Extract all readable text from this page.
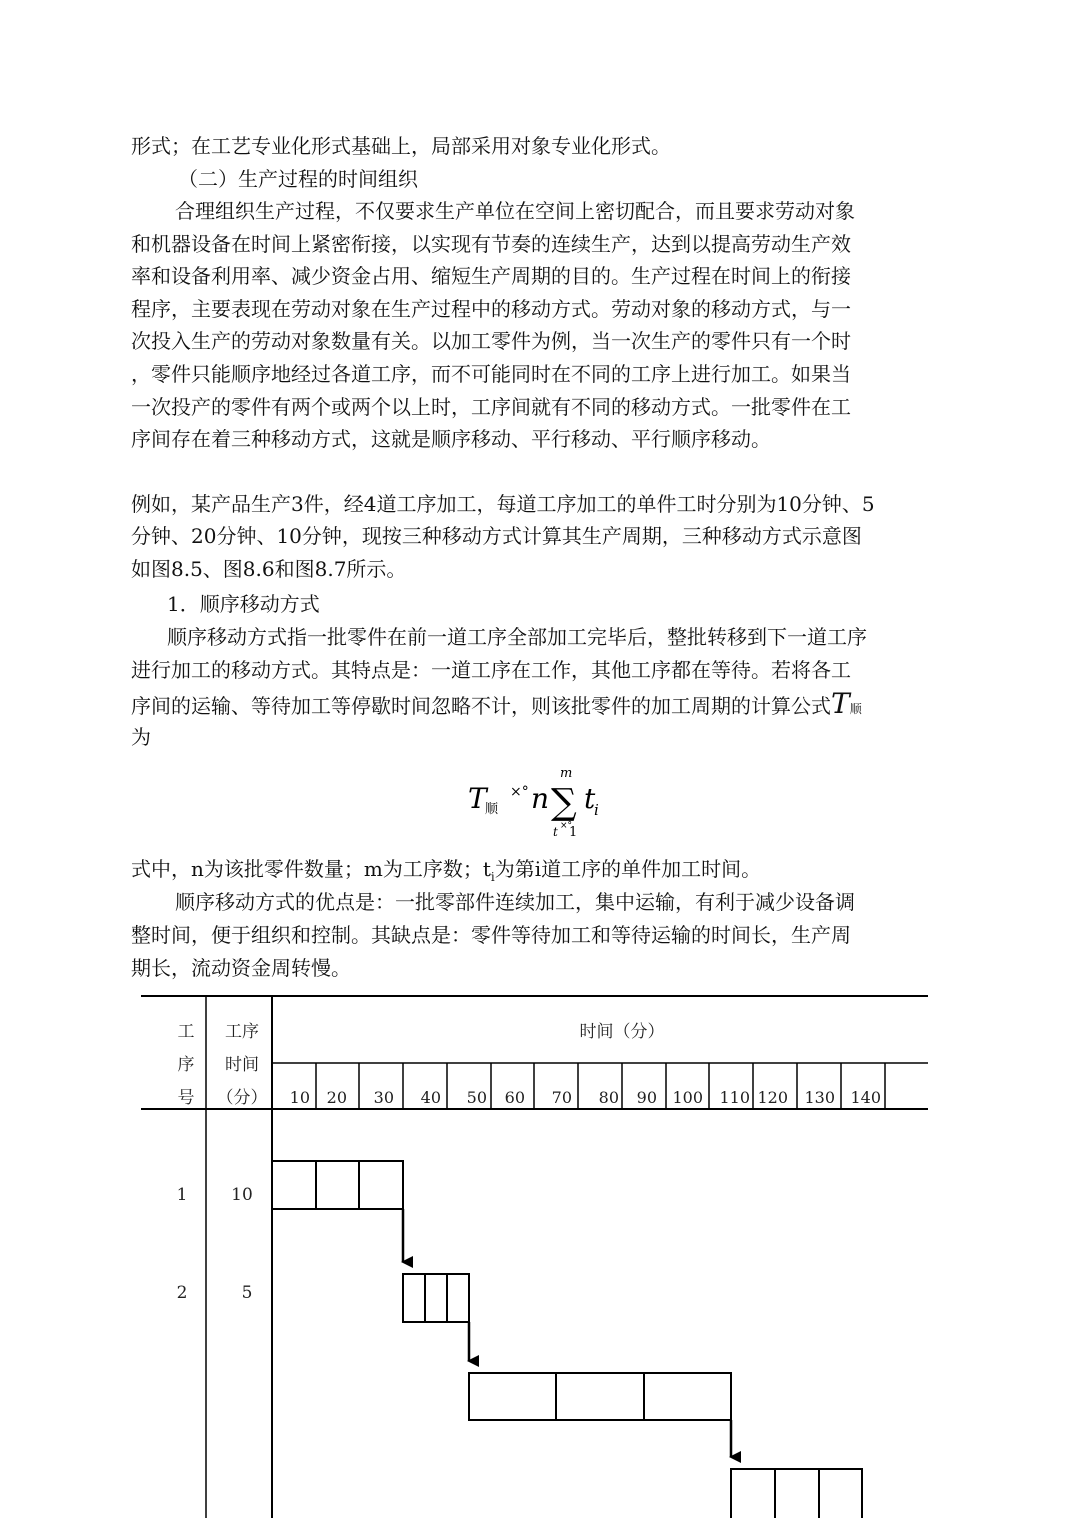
形式；在工艺专业化形式基础上，局部采用对象专业化形式。
（二）生产过程的时间组织
合理组织生产过程，不仅要求生产单位在空间上密切配合，而且要求劳动对象
和机器设备在时间上紧密衔接，以实现有节奏的连续生产，达到以提高劳动生产效
率和设备利用率、减少资金占用、缩短生产周期的目的。生产过程在时间上的衔接
程序，主要表现在劳动对象在生产过程中的移动方式。劳动对象的移动方式，与一
次投入生产的劳动对象数量有关。以加工零件为例，当一次生产的零件只有一个时
，零件只能顺序地经过各道工序，而不可能同时在不同的工序上进行加工。如果当
一次投产的零件有两个或两个以上时，工序间就有不同的移动方式。一批零件在工
序间存在着三种移动方式，这就是顺序移动、平行移动、平行顺序移动。
例如，某产品生产3件，经4道工序加工，每道工序加工的单件工时分别为10分钟、5
分钟、20分钟、10分钟，现按三种移动方式计算其生产周期，三种移动方式示意图
如图8.5、图8.6和图8.7所示。
1．顺序移动方式
顺序移动方式指一批零件在前一道工序全部加工完毕后，整批转移到下一道工序
进行加工的移动方式。其特点是：一道工序在工作，其他工序都在等待。若将各工
序间的运输、等待加工等停歇时间忽略不计，则该批零件的加工周期的计算公式T顺
为
T
顺
×° n ∑
m
t ×°
1
t
i
式中，n为该批零件数量；m为工序数；$t_i$为第i道工序的单件加工时间。
顺序移动方式的优点是：一批零部件连续加工，集中运输，有利于减少设备调
整时间，便于组织和控制。其缺点是：零件等待加工和等待运输的时间长，生产周
期长，流动资金周转慢。
工
序
号
工序
时间
（分）
时间（分）
10 20 30 40 50 60 70 80 90 100 110 120 130 140
1	10
2	5
